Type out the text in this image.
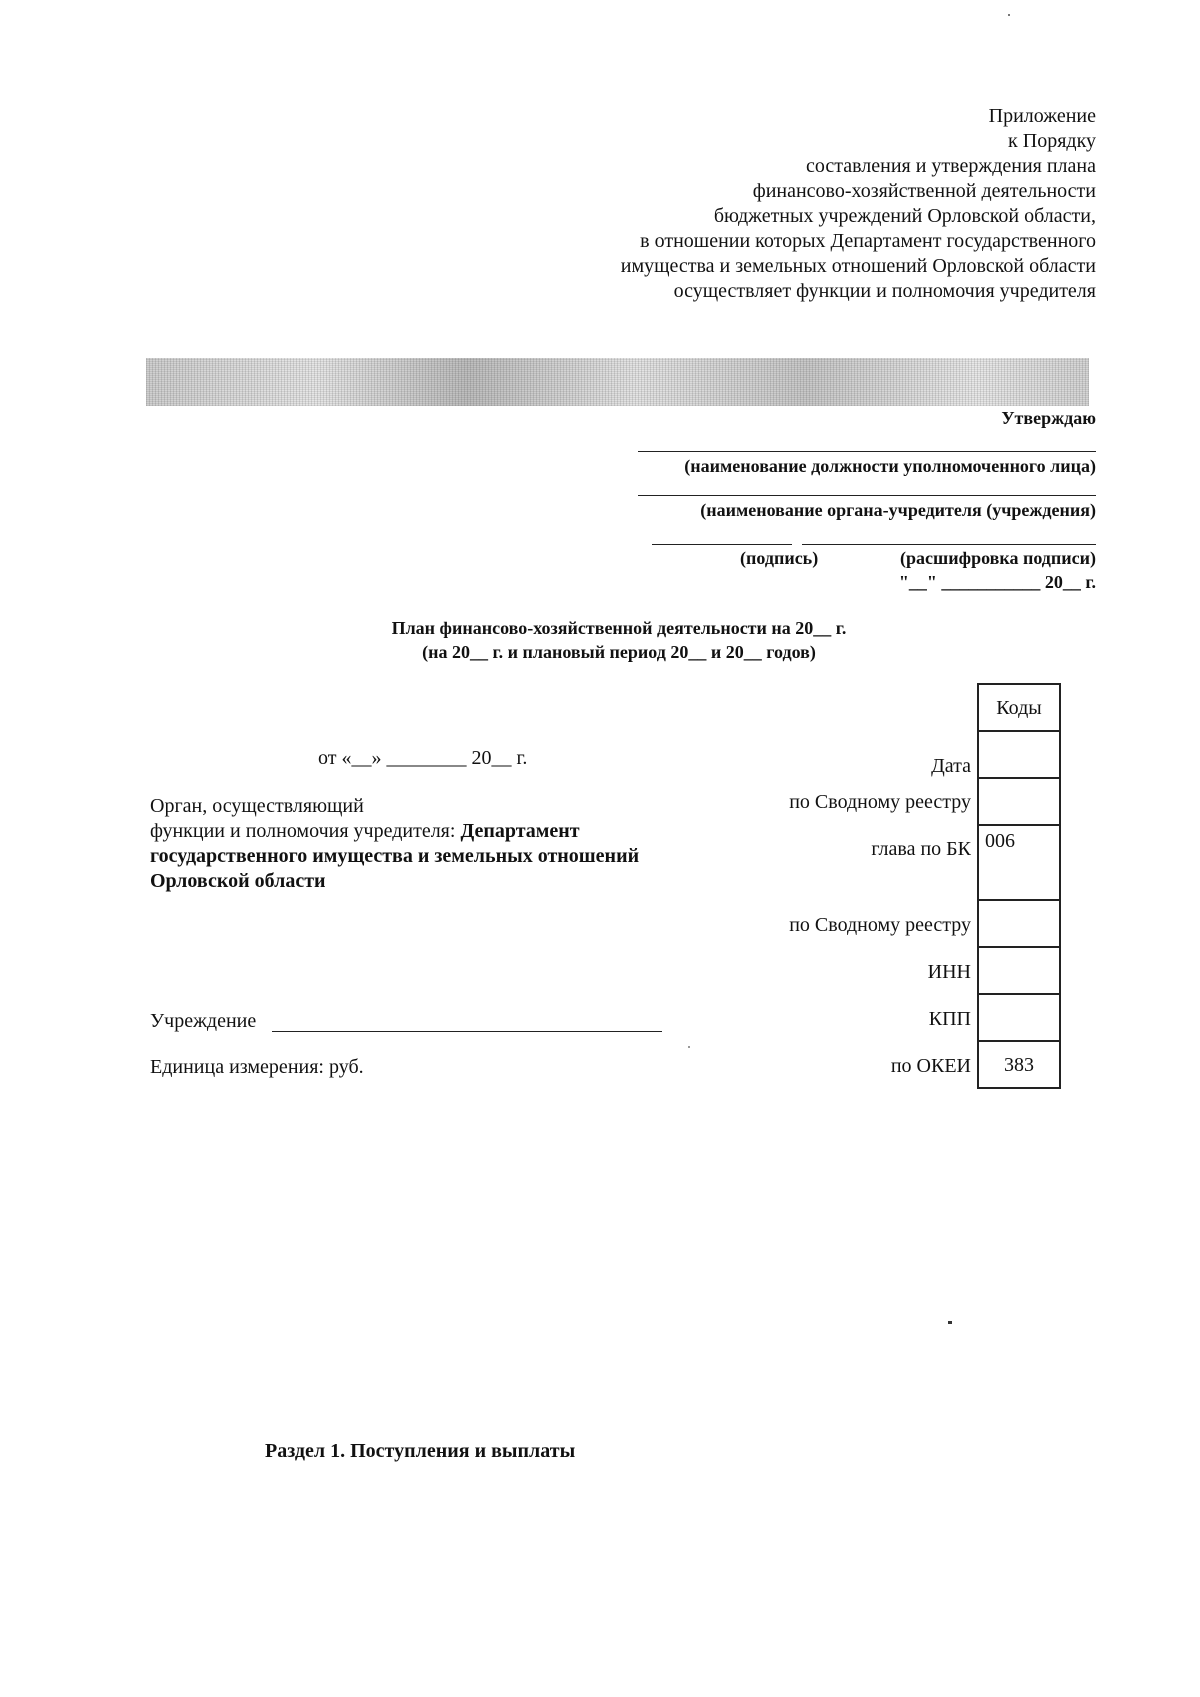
Приложение
к Порядку
составления и утверждения плана
финансово-хозяйственной деятельности
бюджетных учреждений Орловской области,
в отношении которых Департамент государственного
имущества и земельных отношений Орловской области
осуществляет функции и полномочия учредителя
Утверждаю
(наименование должности уполномоченного лица)
(наименование органа-учредителя (учреждения)
(подпись)	(расшифровка подписи)
"__" ___________ 20__ г.
План финансово-хозяйственной деятельности на 20__ г.
(на 20__ г. и плановый период 20__ и 20__ годов)
от «__» ________ 20__ г.
Орган, осуществляющий
функции и полномочия учредителя: Департамент
государственного имущества и земельных отношений
Орловской области
Учреждение
Единица измерения: руб.
Дата
по Сводному реестру
глава по БК
по Сводному реестру
ИНН
КПП
по ОКЕИ
Коды
006
383
Раздел 1. Поступления и выплаты
